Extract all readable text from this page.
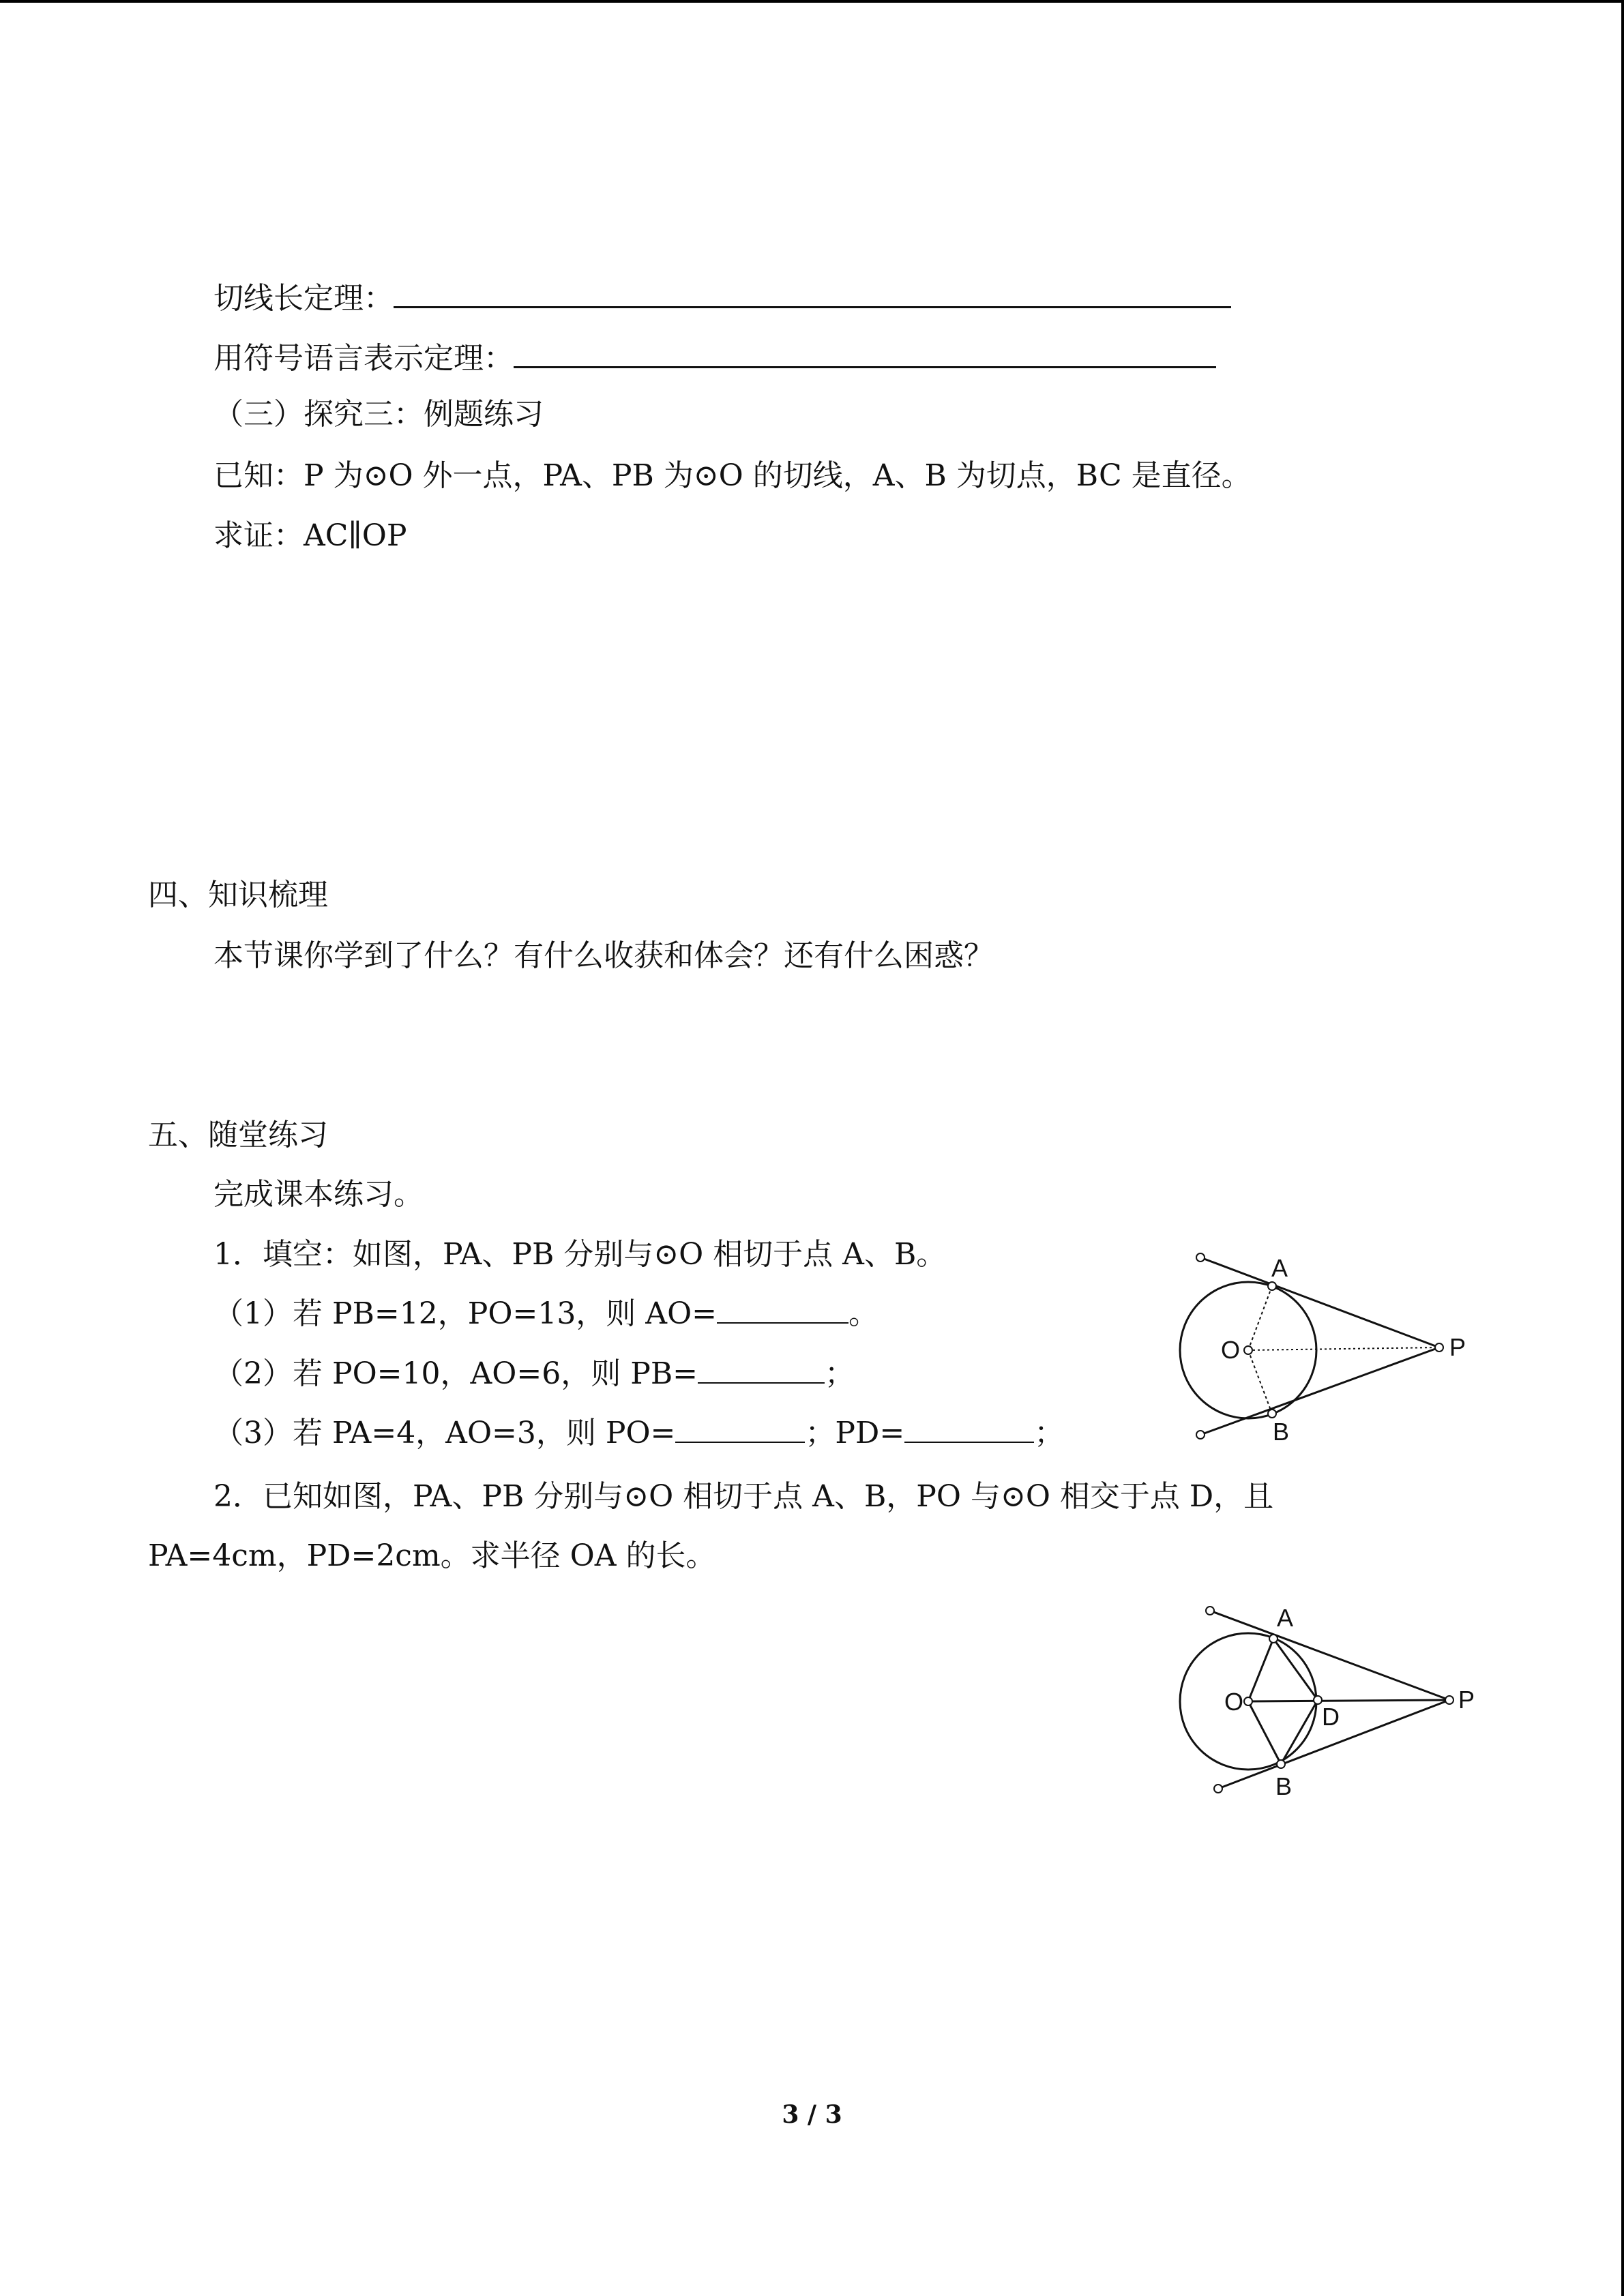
切线长定理：
用符号语言表示定理：
（三）探究三：例题练习
已知：P 为⊙O 外一点，PA、PB 为⊙O 的切线，A、B 为切点，BC 是直径。
求证：AC∥OP
四、知识梳理
本节课你学到了什么？有什么收获和体会？还有什么困惑？
五、随堂练习
完成课本练习。
1．填空：如图，PA、PB 分别与⊙O 相切于点 A、B。
（1）若 PB=12，PO=13，则 AO=	。
（2）若 PO=10，AO=6，则 PB=	；
（3）若 PA=4，AO=3，则 PO=	；PD=	；
2．已知如图，PA、PB 分别与⊙O 相切于点 A、B，PO 与⊙O 相交于点 D，且
PA=4cm，PD=2cm。求半径 OA 的长。
A
O	P
B
A
O
D
P
B
3 / 3
